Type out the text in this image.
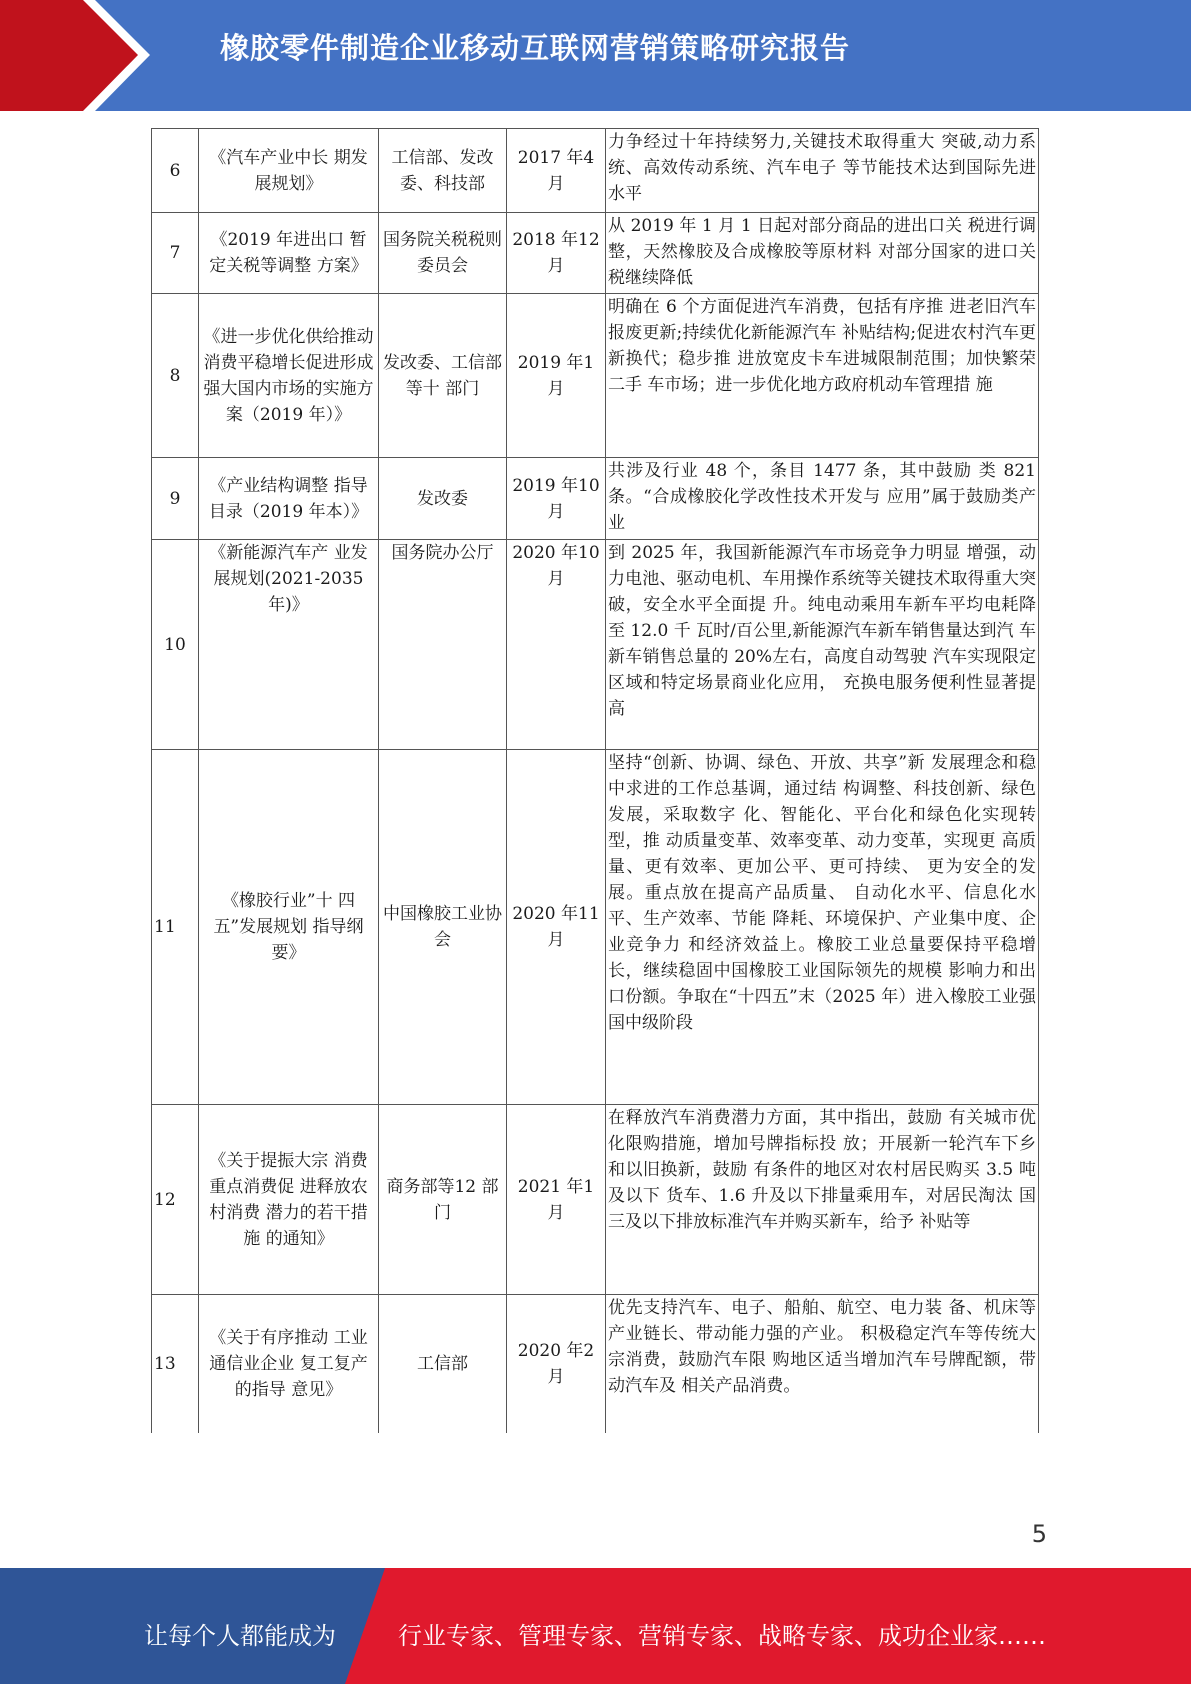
橡胶零件制造企业移动互联网营销策略研究报告
6	《汽车产业中长 期发展规划》	工信部、发改委、科技部	2017 年4 月	力争经过十年持续努力,关键技术取得重大 突破,动力系统、高效传动系统、汽车电子 等节能技术达到国际先进水平
7	《2019 年进出口 暂定关税等调整 方案》	国务院关税税则委员会	2018 年12 月	从 2019 年 1 月 1 日起对部分商品的进出口关 税进行调整，天然橡胶及合成橡胶等原材料 对部分国家的进口关税继续降低
8	《进一步优化供给推动消费平稳增长促进形成强大国内市场的实施方案（2019 年）》	发改委、工信部等十 部门	2019 年1 月	明确在 6 个方面促进汽车消费，包括有序推 进老旧汽车报废更新;持续优化新能源汽车 补贴结构;促进农村汽车更新换代；稳步推 进放宽皮卡车进城限制范围；加快繁荣二手 车市场；进一步优化地方政府机动车管理措 施
9	《产业结构调整 指导目录（2019 年本）》	发改委	2019 年10 月	共涉及行业 48 个，条目 1477 条，其中鼓励 类 821 条。“合成橡胶化学改性技术开发与 应用”属于鼓励类产业
10	《新能源汽车产 业发展规划(2021-2035 年)》	国务院办公厅	2020 年10 月	到 2025 年，我国新能源汽车市场竞争力明显 增强，动力电池、驱动电机、车用操作系统等关键技术取得重大突破，安全水平全面提 升。纯电动乘用车新车平均电耗降至 12.0 千 瓦时/百公里,新能源汽车新车销售量达到汽 车新车销售总量的 20%左右，高度自动驾驶 汽车实现限定区域和特定场景商业化应用， 充换电服务便利性显著提高
11	《橡胶行业”十 四五”发展规划 指导纲要》	中国橡胶工业协会	2020 年11 月	坚持“创新、协调、绿色、开放、共享”新 发展理念和稳中求进的工作总基调，通过结 构调整、科技创新、绿色发展，采取数字 化、智能化、平台化和绿色化实现转型，推 动质量变革、效率变革、动力变革，实现更 高质量、更有效率、更加公平、更可持续、 更为安全的发展。重点放在提高产品质量、 自动化水平、信息化水平、生产效率、节能 降耗、环境保护、产业集中度、企业竞争力 和经济效益上。橡胶工业总量要保持平稳增长，继续稳固中国橡胶工业国际领先的规模 影响力和出口份额。争取在“十四五”末（2025 年）进入橡胶工业强国中级阶段
12	《关于提振大宗 消费重点消费促 进释放农村消费 潜力的若干措施 的通知》	商务部等12 部门	2021 年1 月	在释放汽车消费潜力方面，其中指出，鼓励 有关城市优化限购措施，增加号牌指标投 放；开展新一轮汽车下乡和以旧换新，鼓励 有条件的地区对农村居民购买 3.5 吨及以下 货车、1.6 升及以下排量乘用车，对居民淘汰 国三及以下排放标准汽车并购买新车，给予 补贴等
13	《关于有序推动 工业通信业企业 复工复产的指导 意见》	工信部	2020 年2 月	优先支持汽车、电子、船舶、航空、电力装 备、机床等产业链长、带动能力强的产业。 积极稳定汽车等传统大宗消费，鼓励汽车限 购地区适当增加汽车号牌配额，带动汽车及 相关产品消费。
5
让每个人都能成为	行业专家、管理专家、营销专家、战略专家、成功企业家……
